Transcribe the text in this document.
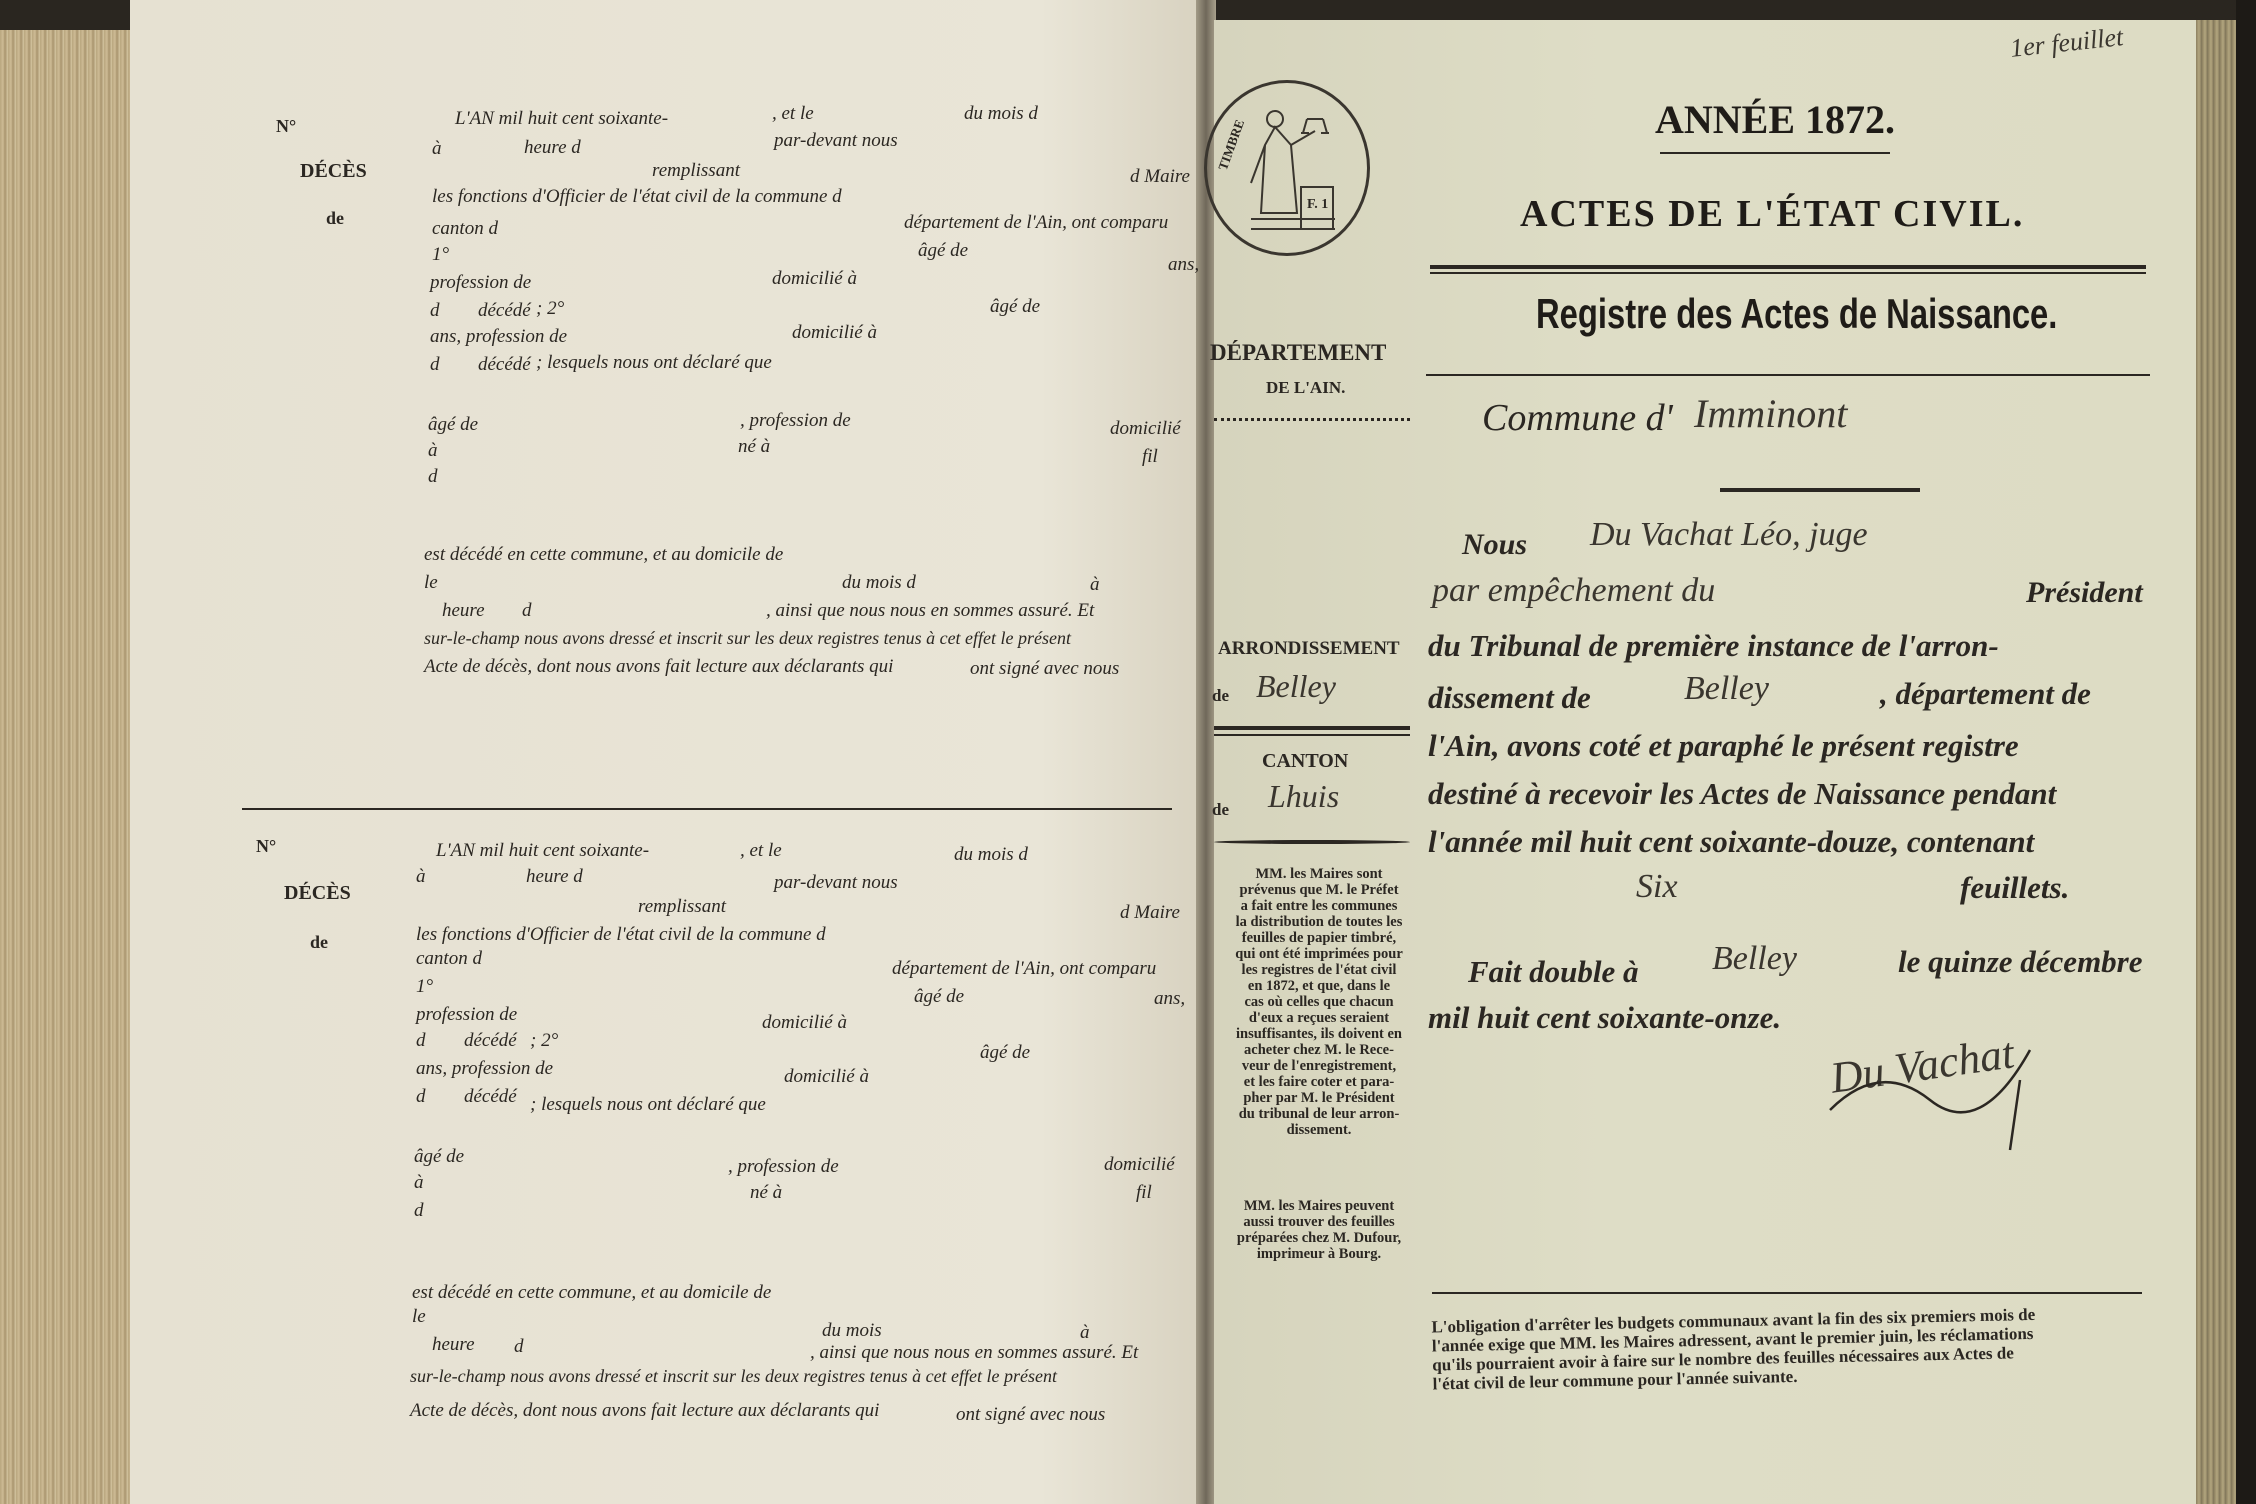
N°
DÉCÈS
de
L'AN mil huit cent soixante-	, et le	du mois d
à	heure d	par-devant nous
remplissant	d Maire
les fonctions d'Officier de l'état civil de la commune d
canton d	département de l'Ain, ont comparu
1°	âgé de
profession de	domicilié à
ans,
d décédé ; 2°	âgé de
ans, profession de	domicilié à
d décédé ; lesquels nous ont déclaré que
âgé de	, profession de	domicilié
à	né à	fil
d
est décédé en cette commune, et au domicile de
le	du mois d	à
heure d	, ainsi que nous nous en sommes assuré. Et
sur-le-champ nous avons dressé et inscrit sur les deux registres tenus à cet effet le présent
Acte de décès, dont nous avons fait lecture aux déclarants qui	ont signé avec nous
N°
DÉCÈS
de
L'AN mil huit cent soixante-	, et le	du mois d
à	heure d	par-devant nous
remplissant	d Maire
les fonctions d'Officier de l'état civil de la commune d
canton d	département de l'Ain, ont comparu
1°	âgé de
profession de	domicilié à
ans,
d décédé ; 2°
âgé de
ans, profession de	domicilié à
d décédé ; lesquels nous ont déclaré que
âgé de	, profession de	domicilié
à	né à	fil
d
est décédé en cette commune, et au domicile de
le
du mois	à
heure d	, ainsi que nous nous en sommes assuré. Et
sur-le-champ nous avons dressé et inscrit sur les deux registres tenus à cet effet le présent
Acte de décès, dont nous avons fait lecture aux déclarants qui	ont signé avec nous
1er feuillet
TIMBRE
F. 1
ANNÉE 1872.
ACTES DE L'ÉTAT CIVIL.
Registre des Actes de Naissance.
Commune d' Imminont
DÉPARTEMENT
DE L'AIN.
ARRONDISSEMENT
de Belley
CANTON
de Lhuis
MM. les Maires sont
prévenus que M. le Préfet
a fait entre les communes
la distribution de toutes les
feuilles de papier timbré,
qui ont été imprimées pour
les registres de l'état civil
en 1872, et que, dans le
cas où celles que chacun
d'eux a reçues seraient
insuffisantes, ils doivent en
acheter chez M. le Rece-
veur de l'enregistrement,
et les faire coter et para-
pher par M. le Président
du tribunal de leur arron-
dissement.
MM. les Maires peuvent
aussi trouver des feuilles
préparées chez M. Dufour,
imprimeur à Bourg.
Nous Du Vachat Léo, juge
par empêchement du	Président
du Tribunal de première instance de l'arron-
dissement de	Belley	, département de
l'Ain, avons coté et paraphé le présent registre
destiné à recevoir les Actes de Naissance pendant
l'année mil huit cent soixante-douze, contenant
Six	feuillets.
Fait double à Belley	le quinze décembre
mil huit cent soixante-onze.
Du Vachat
L'obligation d'arrêter les budgets communaux avant la fin des six premiers mois de
l'année exige que MM. les Maires adressent, avant le premier juin, les réclamations
qu'ils pourraient avoir à faire sur le nombre des feuilles nécessaires aux Actes de
l'état civil de leur commune pour l'année suivante.
